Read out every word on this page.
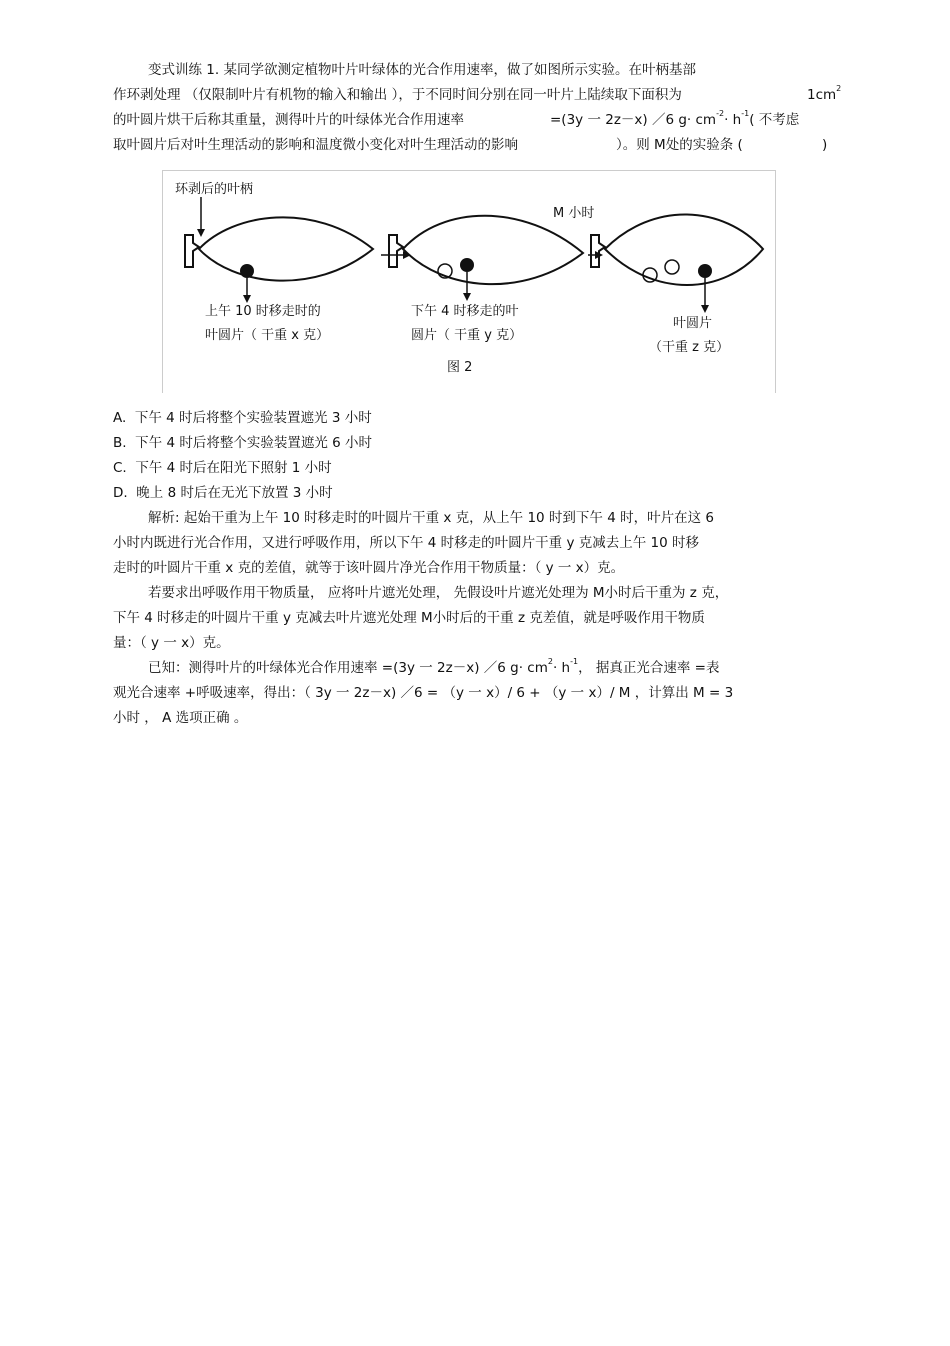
变式训练 1. 某同学欲测定植物叶片叶绿体的光合作用速率，做了如图所示实验。在叶柄基部
作环剥处理 （仅限制叶片有机物的输入和输出 ），于不同时间分别在同一叶片上陆续取下面积为	$1cm^2$
的叶圆片烘干后称其重量，测得叶片的叶绿体光合作用速率	=(3y 一 2z－x) ／6 $g\cdot cm^{-2}\cdot h^{-1}$( 不考虑
取叶圆片后对叶生理活动的影响和温度微小变化对叶生理活动的影响	）。则 M处的实验条 (	)
环剥后的叶柄
M 小时
上午 10 时移走时的
叶圆片（ 干重 x 克）
下午 4 时移走的叶
圆片（ 干重 y 克）
叶圆片
（干重 z 克）
图 2
A. 下午 4 时后将整个实验装置遮光 3 小时
B. 下午 4 时后将整个实验装置遮光 6 小时
C. 下午 4 时后在阳光下照射 1 小时
D. 晚上 8 时后在无光下放置 3 小时
解析: 起始干重为上午 10 时移走时的叶圆片干重 x 克，从上午 10 时到下午 4 时，叶片在这 6
小时内既进行光合作用，又进行呼吸作用，所以下午 4 时移走的叶圆片干重 y 克减去上午 10 时移
走时的叶圆片干重 x 克的差值，就等于该叶圆片净光合作用干物质量：（ y 一 x）克。
若要求出呼吸作用干物质量， 应将叶片遮光处理， 先假设叶片遮光处理为 M小时后干重为 z 克，
下午 4 时移走的叶圆片干重 y 克减去叶片遮光处理 M小时后的干重 z 克差值，就是呼吸作用干物质
量：（ y 一 x）克。
已知：测得叶片的叶绿体光合作用速率 =(3y 一 2z－x) ／6 $g\cdot cm^2\cdot h^{-1}$， 据真正光合速率 =表
观光合速率 +呼吸速率，得出：（ 3y 一 2z－x) ／6 = （y 一 x）/ 6 + （y 一 x）/ M ，计算出 M = 3
小时 ， A 选项正确 。
